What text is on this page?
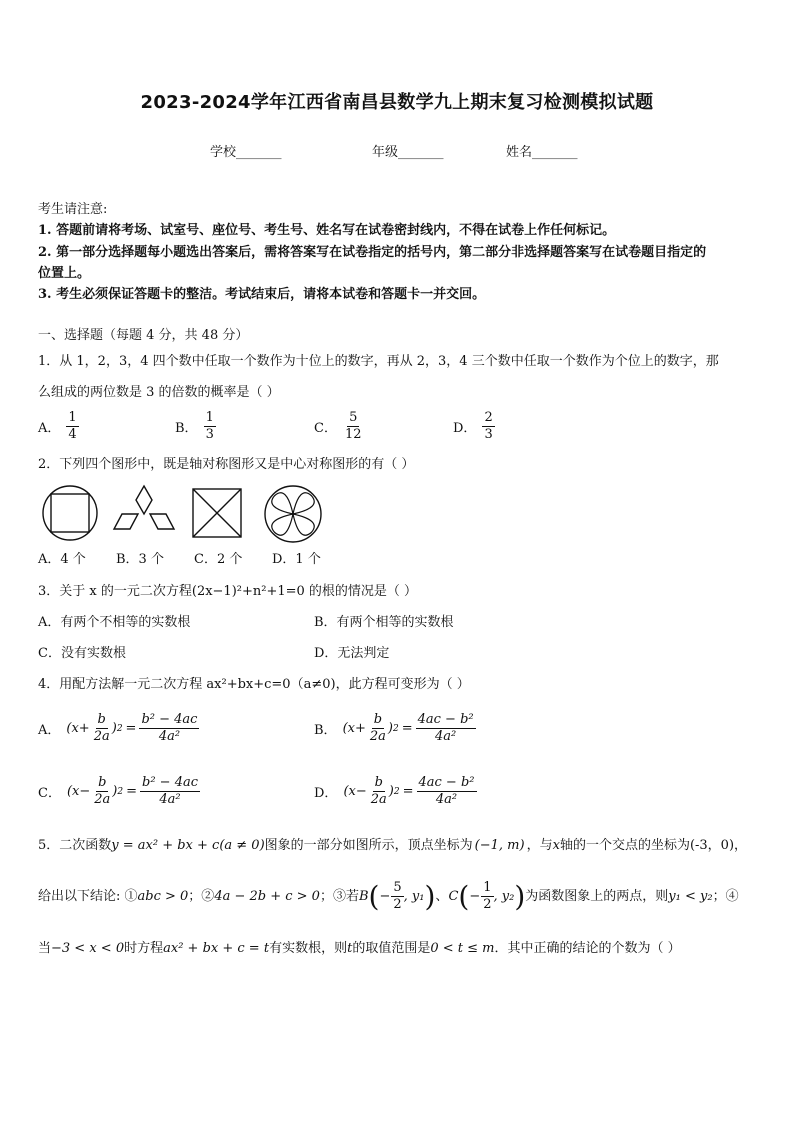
2023-2024学年江西省南昌县数学九上期末复习检测模拟试题
学校_______	年级_______	姓名_______
考生请注意:
1. 答题前请将考场、试室号、座位号、考生号、姓名写在试卷密封线内，不得在试卷上作任何标记。
2. 第一部分选择题每小题选出答案后，需将答案写在试卷指定的括号内，第二部分非选择题答案写在试卷题目指定的
位置上。
3. 考生必须保证答题卡的整洁。考试结束后，请将本试卷和答题卡一并交回。
一、选择题（每题 4 分，共 48 分）
1．从 1，2，3，4 四个数中任取一个数作为十位上的数字，再从 2，3，4 三个数中任取一个数作为个位上的数字，那
么组成的两位数是 3 的倍数的概率是（ ）
A． $\frac{1}{4}$	B． $\frac{1}{3}$	C． $\frac{5}{12}$	D． $\frac{2}{3}$
2．下列四个图形中，既是轴对称图形又是中心对称图形的有（ ）
A．4 个 B．3 个 C．2 个 D．1 个
3．关于 x 的一元二次方程(2x−1)²+n²+1=0 的根的情况是（ ）
A．有两个不相等的实数根	B．有两个相等的实数根
C．没有实数根	D．无法判定
4．用配方法解一元二次方程 ax²+bx+c=0（a≠0)，此方程可变形为（ ）
A． ($x + \frac{b}{2a}$ ) $2 = \frac{\text{b² − 4ac}}{\text{4a²}}$	B． ($x + \frac{b}{2a}$ ) $2 = \frac{\text{4ac − b²}}{\text{4a²}}$
C． ($x - \frac{b}{2a}$ ) $2 = \frac{\text{b² − 4ac}}{\text{4a²}}$	D． ($x - \frac{b}{2a}$ ) $2 = \frac{\text{4ac − b²}}{\text{4a²}}$
5．二次函数 y = ax² + bx + c (a ≠ 0) 图象的一部分如图所示，顶点坐标为 (−1, m) ，与 x 轴的一个交点的坐标为(-3，0)，
给出以下结论: ① abc > 0 ；② 4a − 2b + c > 0 ；③若 B ( − $\frac{5}{2}$ , y₁ ) 、 C ( − $\frac{1}{2}$ , y₂ ) 为函数图象上的两点，则 y₁ < y₂ ；④
当 −3 < x < 0 时方程 ax² + bx + c = t 有实数根，则 t 的取值范围是 0 < t ≤ m ．其中正确的结论的个数为（ ）
